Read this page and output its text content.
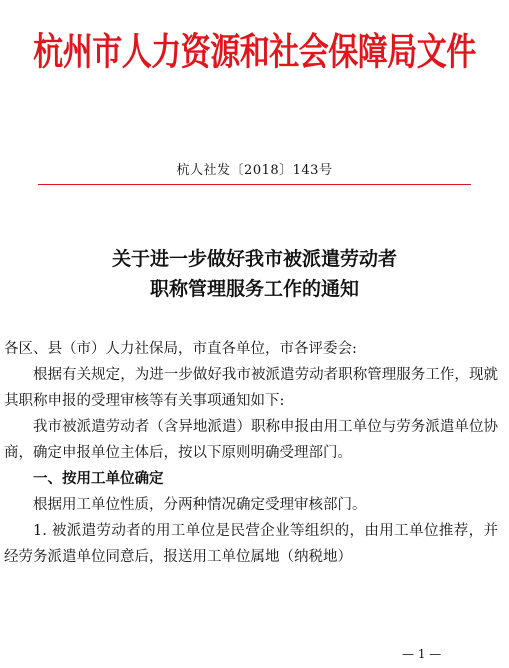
杭州市人力资源和社会保障局文件
杭人社发〔2018〕143号
关于进一步做好我市被派遣劳动者
职称管理服务工作的通知

各区、县（市）人力社保局，市直各单位，市各评委会:

根据有关规定，为进一步做好我市被派遣劳动者职称管理服务工作，现就其职称申报的受理审核等有关事项通知如下:

我市被派遣劳动者（含异地派遣）职称申报由用工单位与劳务派遣单位协商，确定申报单位主体后，按以下原则明确受理部门。

一、按用工单位确定

根据用工单位性质，分两种情况确定受理审核部门。

1. 被派遣劳动者的用工单位是民营企业等组织的，由用工单位推荐，并经劳务派遣单位同意后，报送用工单位属地（纳税地）

— 1 —
